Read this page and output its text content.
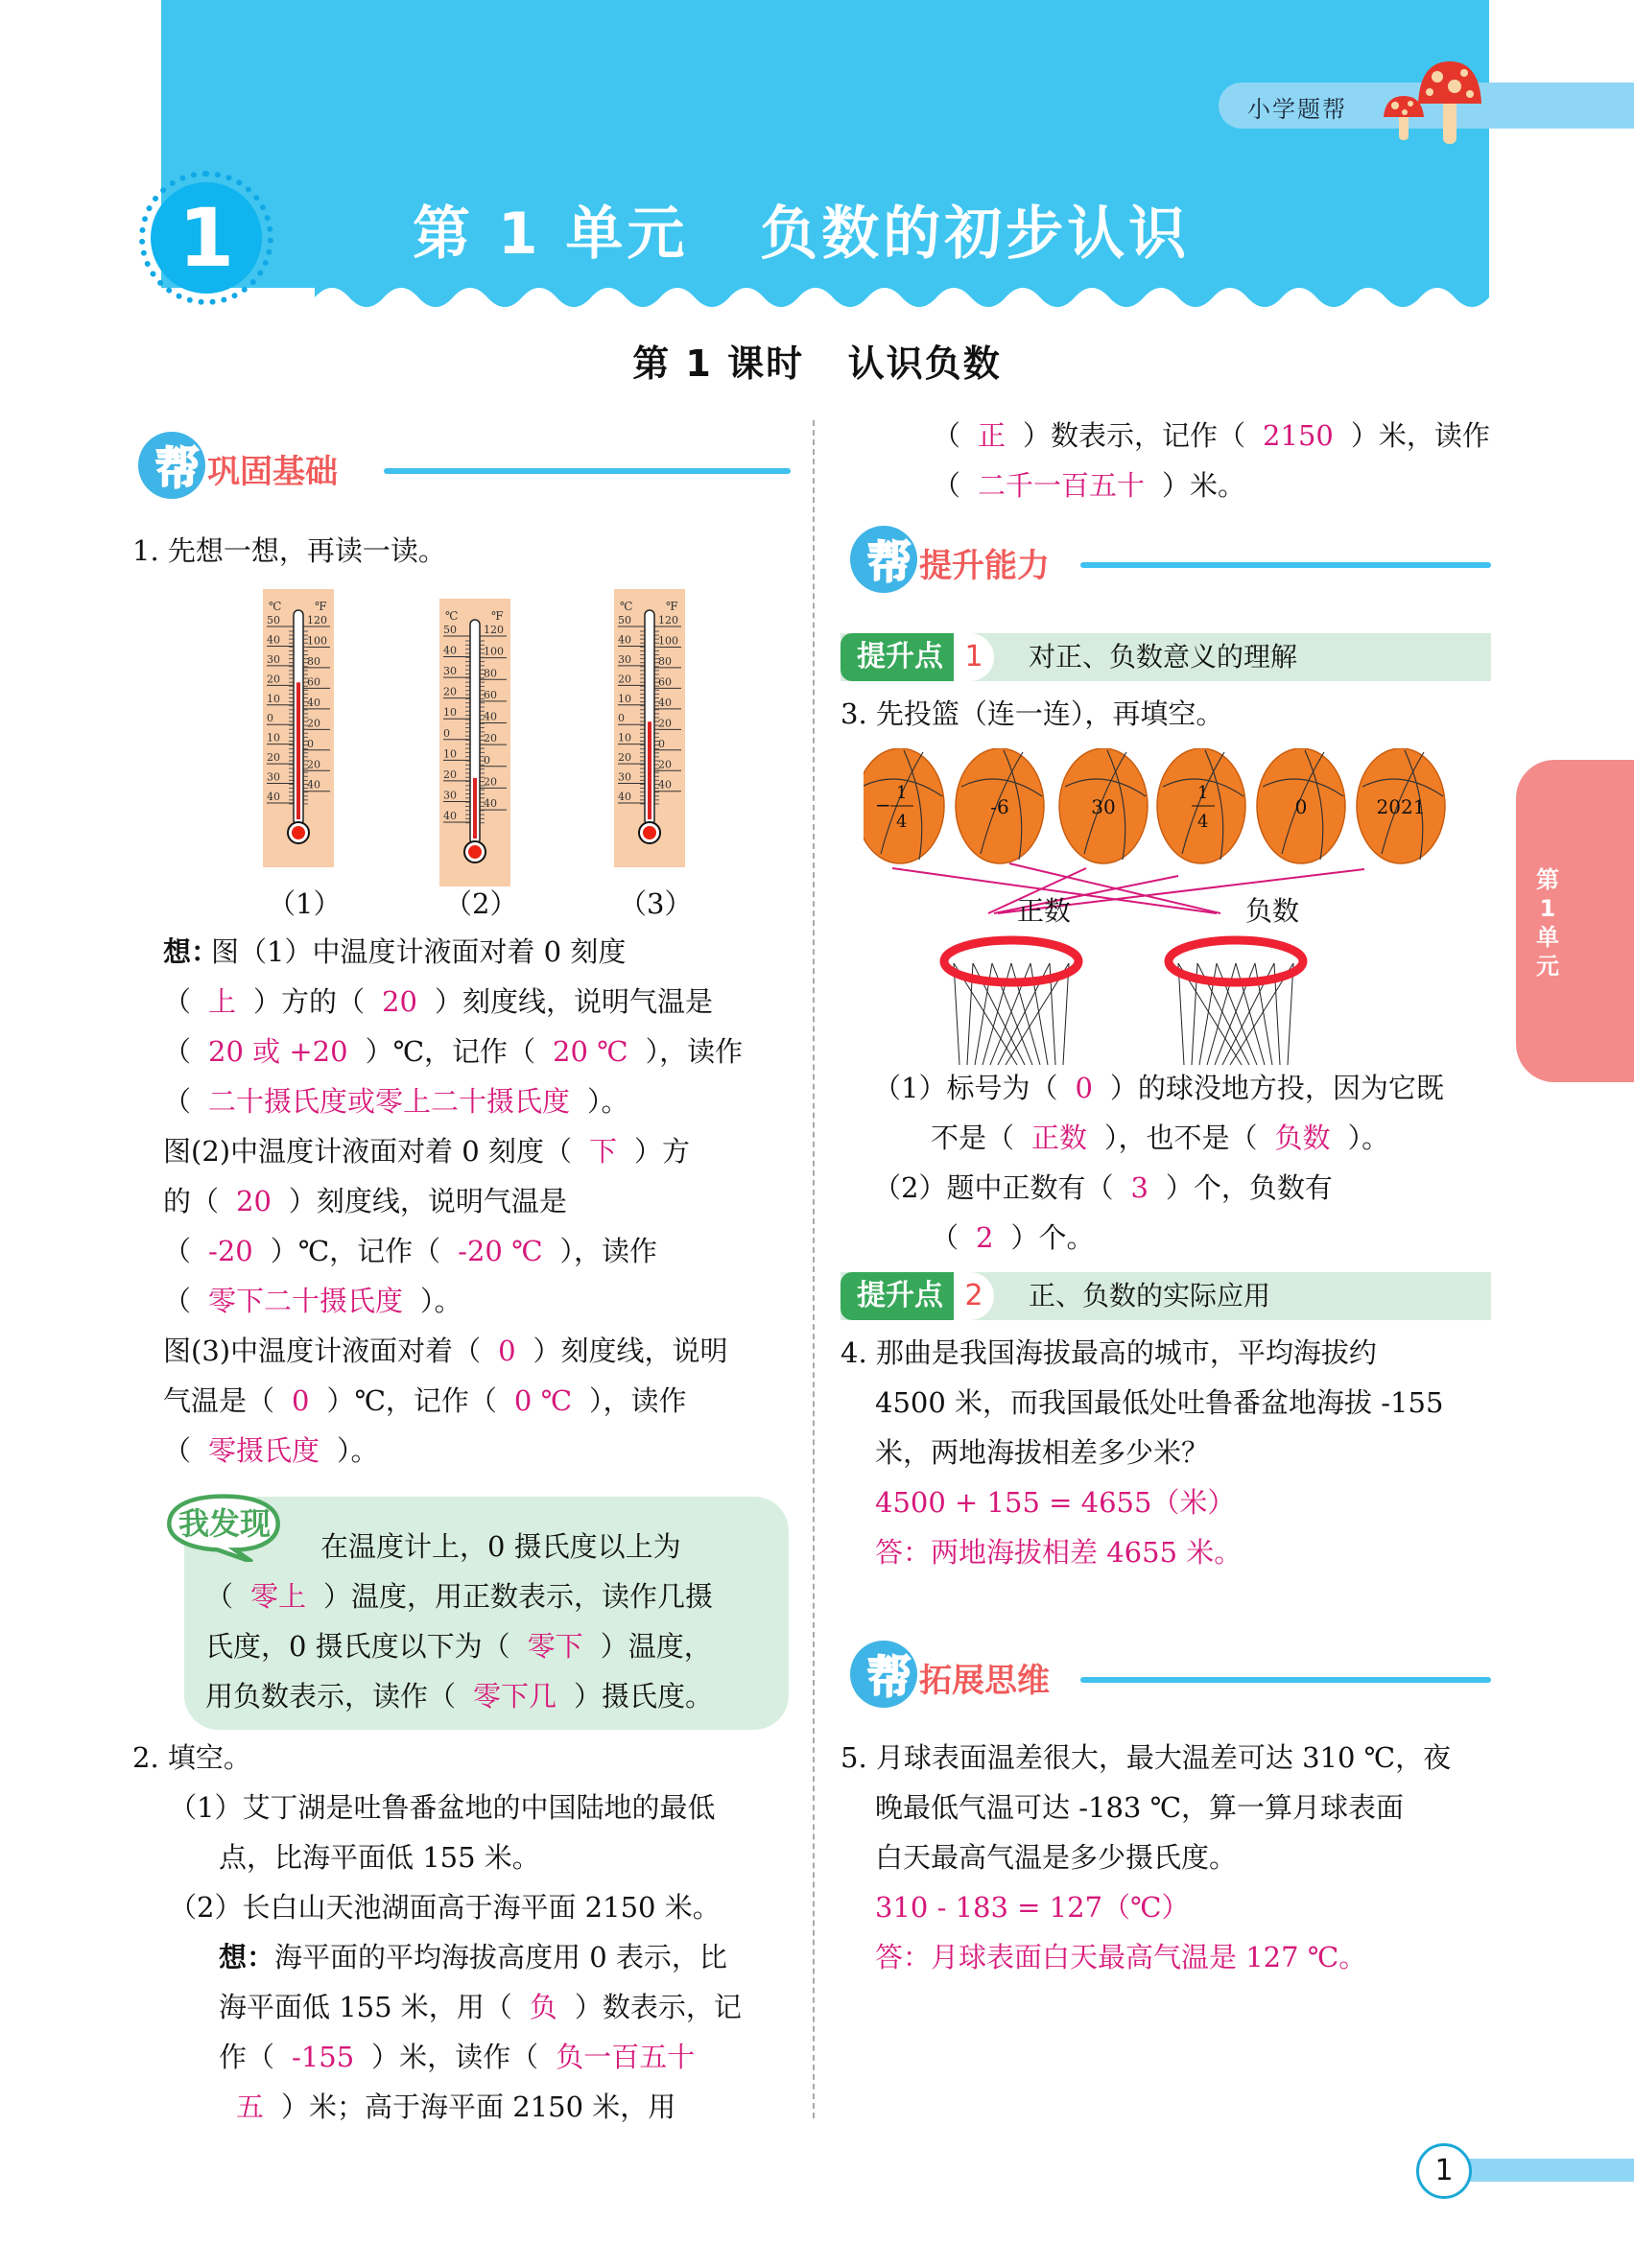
小学题帮
1	第 1 单元   负数的初步认识
第 1 课时   认识负数
帮 巩固基础
1. 先想一想，再读一读。
℃	℉
50
40
30
20
10
0
10
20
30
40
120
100
80
60
40
20
0
20
40
（1）
℃	℉
50
40
30
20
10
0
10
20
30
40
120
100
80
60
40
20
0
20
40
（2）
℃	℉
50
40
30
20
10
0
10
20
30
40
120
100
80
60
40
20
0
20
40
（3）
想：
图（1）中温度计液面对着 0 刻度
（ 上 ）方的（ 20 ）刻度线，说明气温是
（ 20 或 +20 ）℃，记作（ 20 ℃ ），读作
（ 二十摄氏度或零上二十摄氏度 ）。
图(2)中温度计液面对着 0 刻度（ 下 ）方
的（ 20 ）刻度线，说明气温是
（ -20 ）℃，记作（ -20 ℃ ），读作
（ 零下二十摄氏度 ）。
图(3)中温度计液面对着（ 0 ）刻度线，说明
气温是（ 0 ）℃，记作（ 0 ℃ ），读作
（ 零摄氏度 ）。
我发现
在温度计上，0 摄氏度以上为
（ 零上 ）温度，用正数表示，读作几摄
氏度，0 摄氏度以下为（ 零下 ）温度，
用负数表示，读作（ 零下几 ）摄氏度。
2. 填空。
（1）艾丁湖是吐鲁番盆地的中国陆地的最低
点，比海平面低 155 米。
（2）长白山天池湖面高于海平面 2150 米。
想：海平面的平均海拔高度用 0 表示，比
海平面低 155 米，用（ 负 ）数表示，记
作（ -155 ）米，读作（ 负一百五十
五 ）米；高于海平面 2150 米，用
（ 正 ）数表示，记作（ 2150 ）米，读作
（ 二千一百五十 ）米。
帮 提升能力
提升点 1	对正、负数意义的理解
3. 先投篮（连一连），再填空。
−
1
4
-6	30
1
4
0	2021
正数	负数
（1）标号为（ 0 ）的球没地方投，因为它既
不是（ 正数 ），也不是（ 负数 ）。
（2）题中正数有（ 3 ）个，负数有
（ 2 ）个。
提升点 2	正、负数的实际应用
4. 那曲是我国海拔最高的城市，平均海拔约
4500 米，而我国最低处吐鲁番盆地海拔 -155
米，两地海拔相差多少米？
4500 + 155 = 4655（米）
答：两地海拔相差 4655 米。
帮 拓展思维
5. 月球表面温差很大，最大温差可达 310 ℃，夜
晚最低气温可达 -183 ℃，算一算月球表面
白天最高气温是多少摄氏度。
310 - 183 = 127（℃）
答：月球表面白天最高气温是 127 ℃。
第1单元
1
